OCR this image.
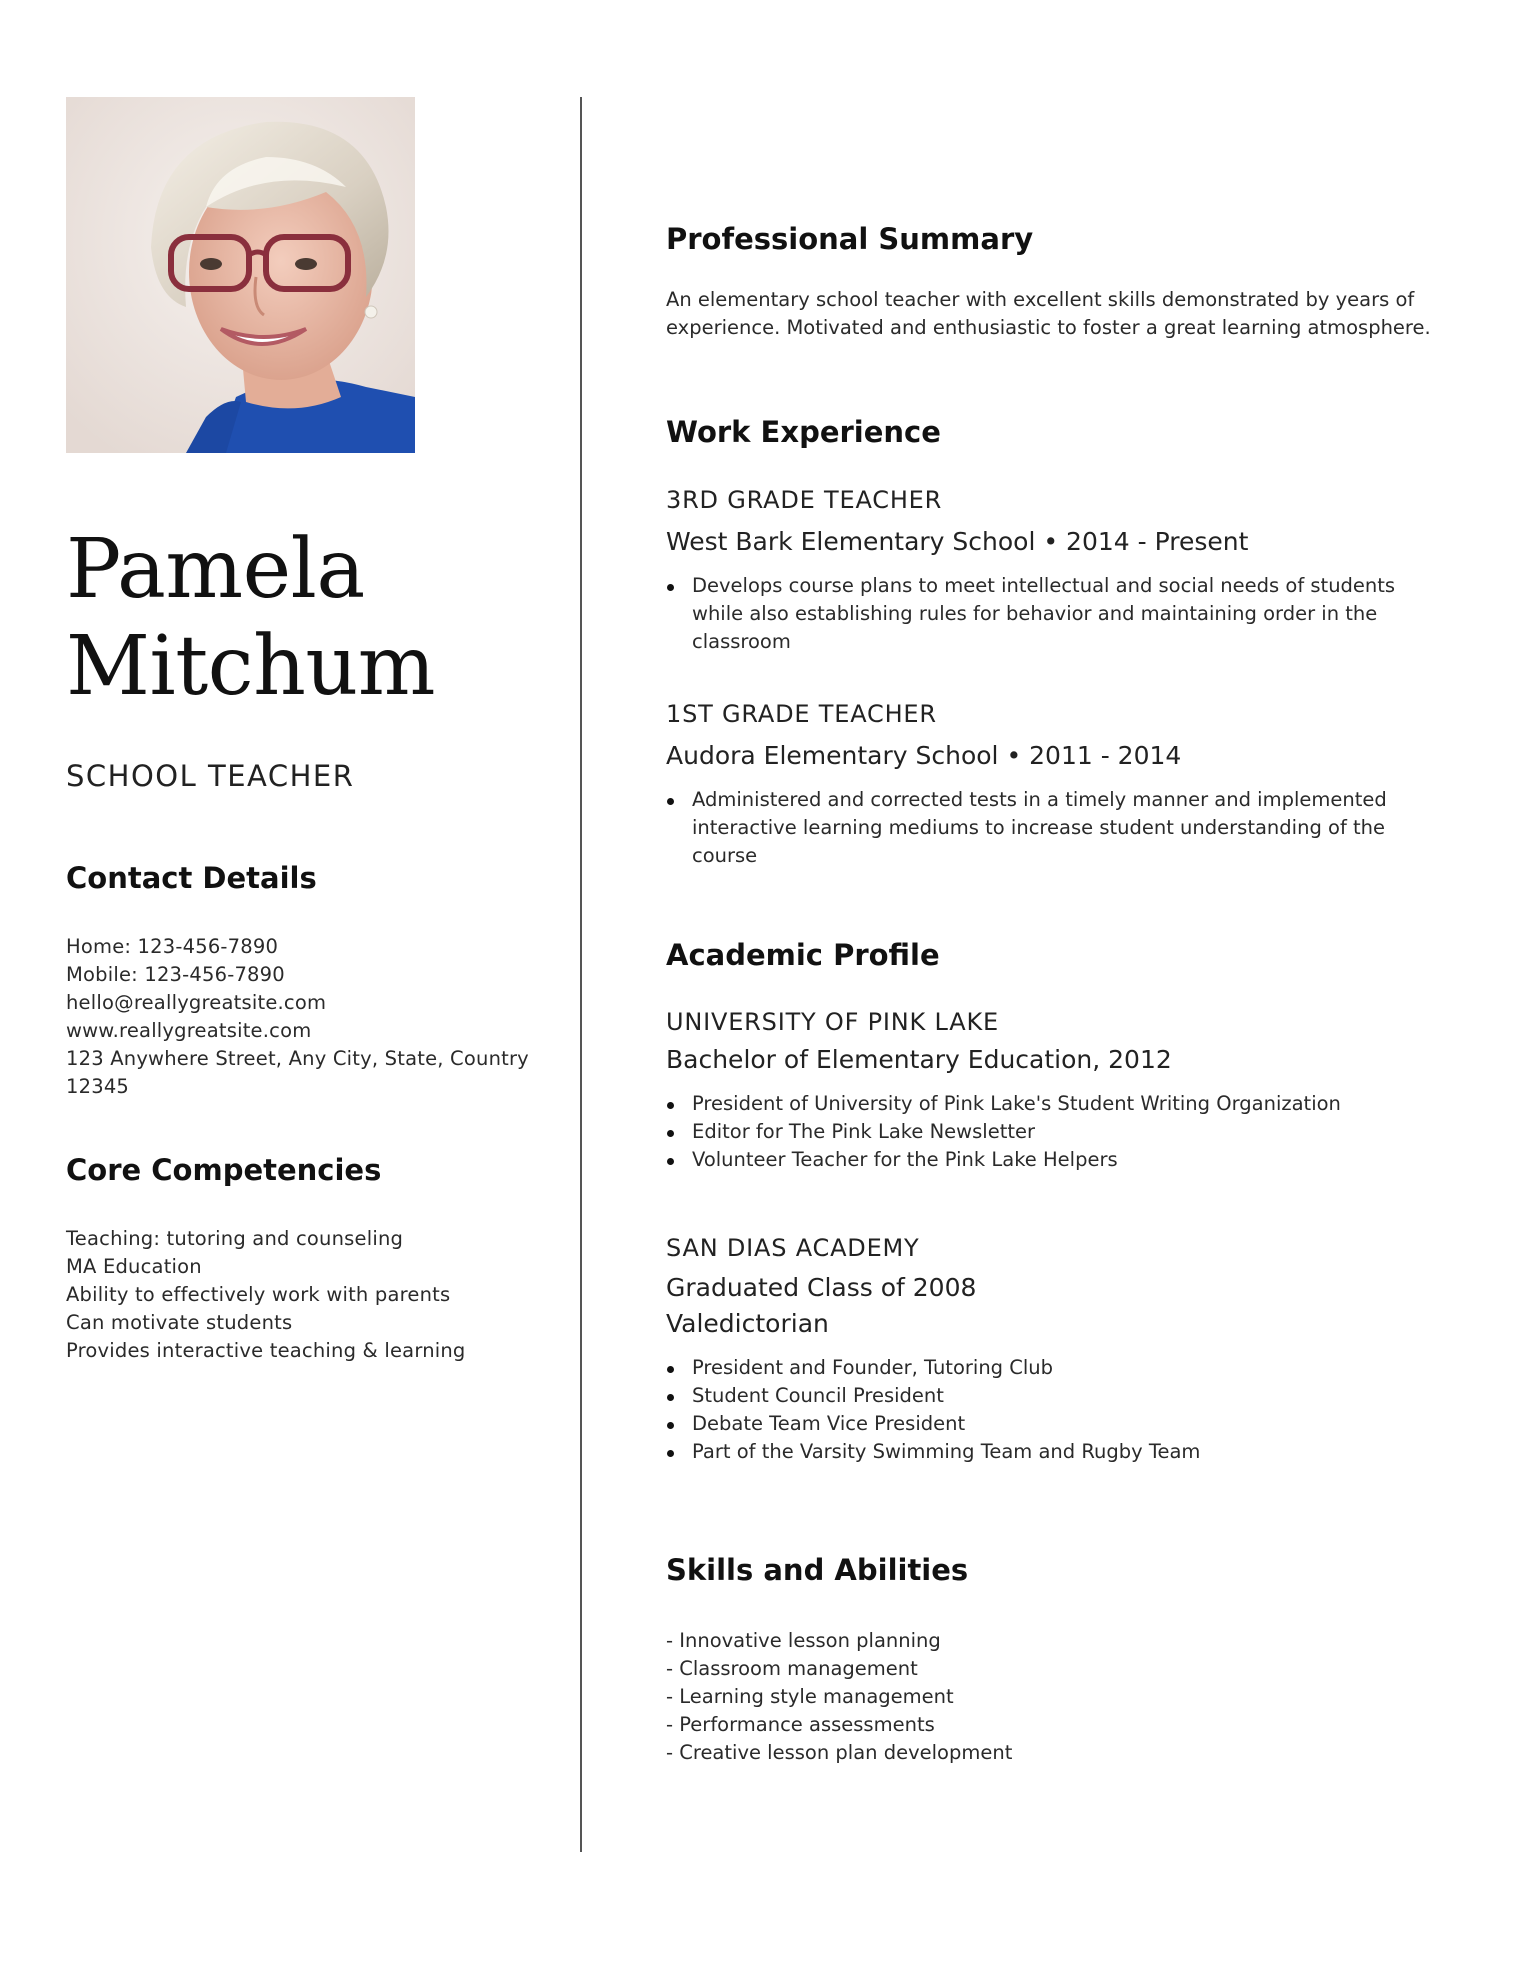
Pamela
Mitchum
SCHOOL TEACHER
Contact Details
Home: 123-456-7890
Mobile: 123-456-7890
hello@reallygreatsite.com
www.reallygreatsite.com
123 Anywhere Street, Any City, State, Country
12345
Core Competencies
Teaching: tutoring and counseling
MA Education
Ability to effectively work with parents
Can motivate students
Provides interactive teaching & learning
Professional Summary
An elementary school teacher with excellent skills demonstrated by years of experience. Motivated and enthusiastic to foster a great learning atmosphere.
Work Experience
3RD GRADE TEACHER
West Bark Elementary School • 2014 - Present
Develops course plans to meet intellectual and social needs of students while also establishing rules for behavior and maintaining order in the classroom
1ST GRADE TEACHER
Audora Elementary School • 2011 - 2014
Administered and corrected tests in a timely manner and implemented interactive learning mediums to increase student understanding of the course
Academic Profile
UNIVERSITY OF PINK LAKE
Bachelor of Elementary Education, 2012
President of University of Pink Lake's Student Writing Organization
Editor for The Pink Lake Newsletter
Volunteer Teacher for the Pink Lake Helpers
SAN DIAS ACADEMY
Graduated Class of 2008
Valedictorian
President and Founder, Tutoring Club
Student Council President
Debate Team Vice President
Part of the Varsity Swimming Team and Rugby Team
Skills and Abilities
- Innovative lesson planning
- Classroom management
- Learning style management
- Performance assessments
- Creative lesson plan development
